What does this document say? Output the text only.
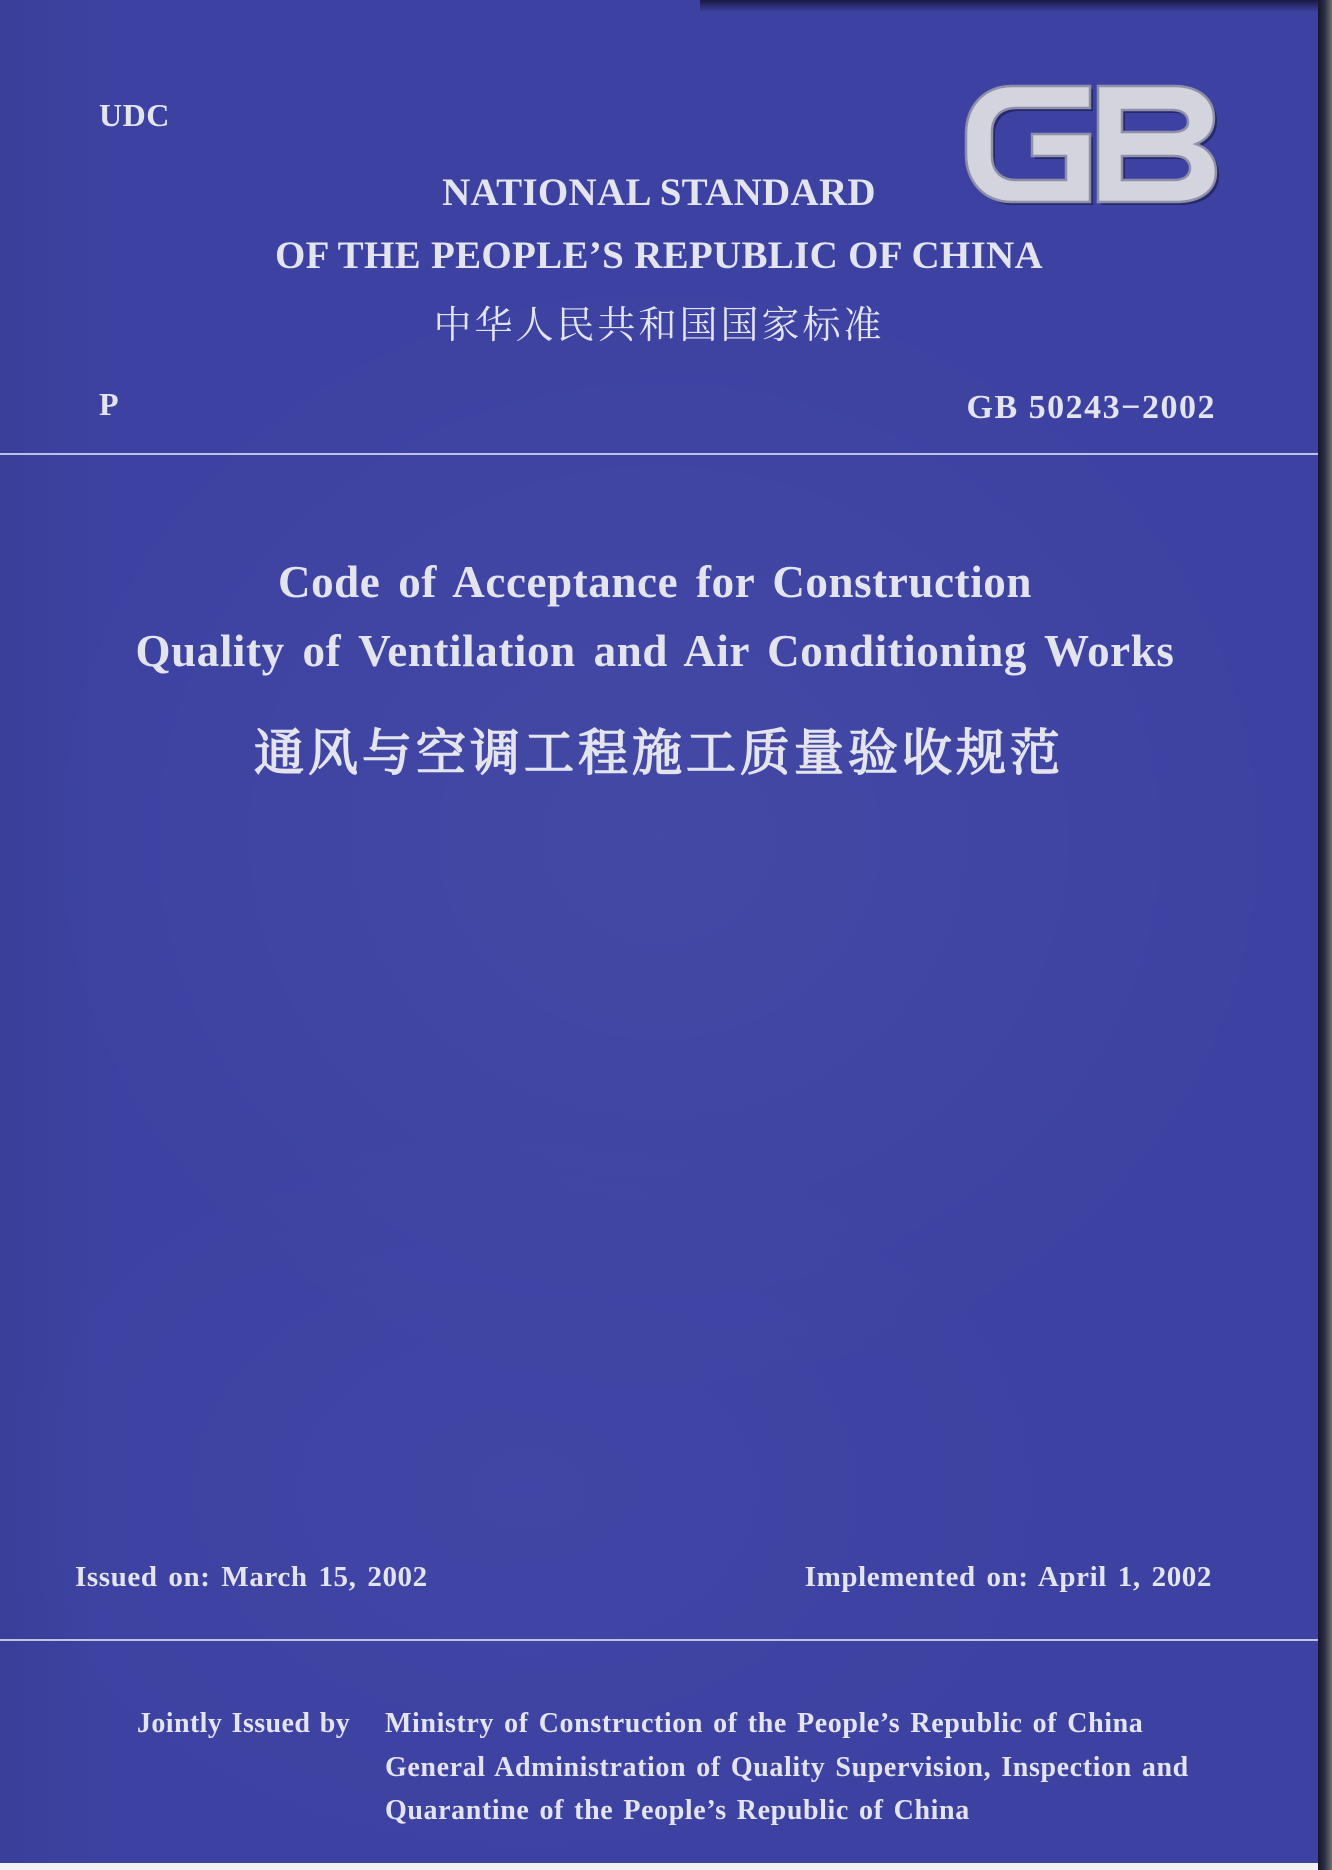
UDC
NATIONAL STANDARD
OF THE PEOPLE’S REPUBLIC OF CHINA
中华人民共和国国家标准
P	GB 50243−2002
Code of Acceptance for Construction
Quality of Ventilation and Air Conditioning Works
通风与空调工程施工质量验收规范
Issued on: March 15, 2002	Implemented on: April 1, 2002
Jointly Issued by Ministry of Construction of the People’s Republic of China
General Administration of Quality Supervision, Inspection and
Quarantine of the People’s Republic of China
